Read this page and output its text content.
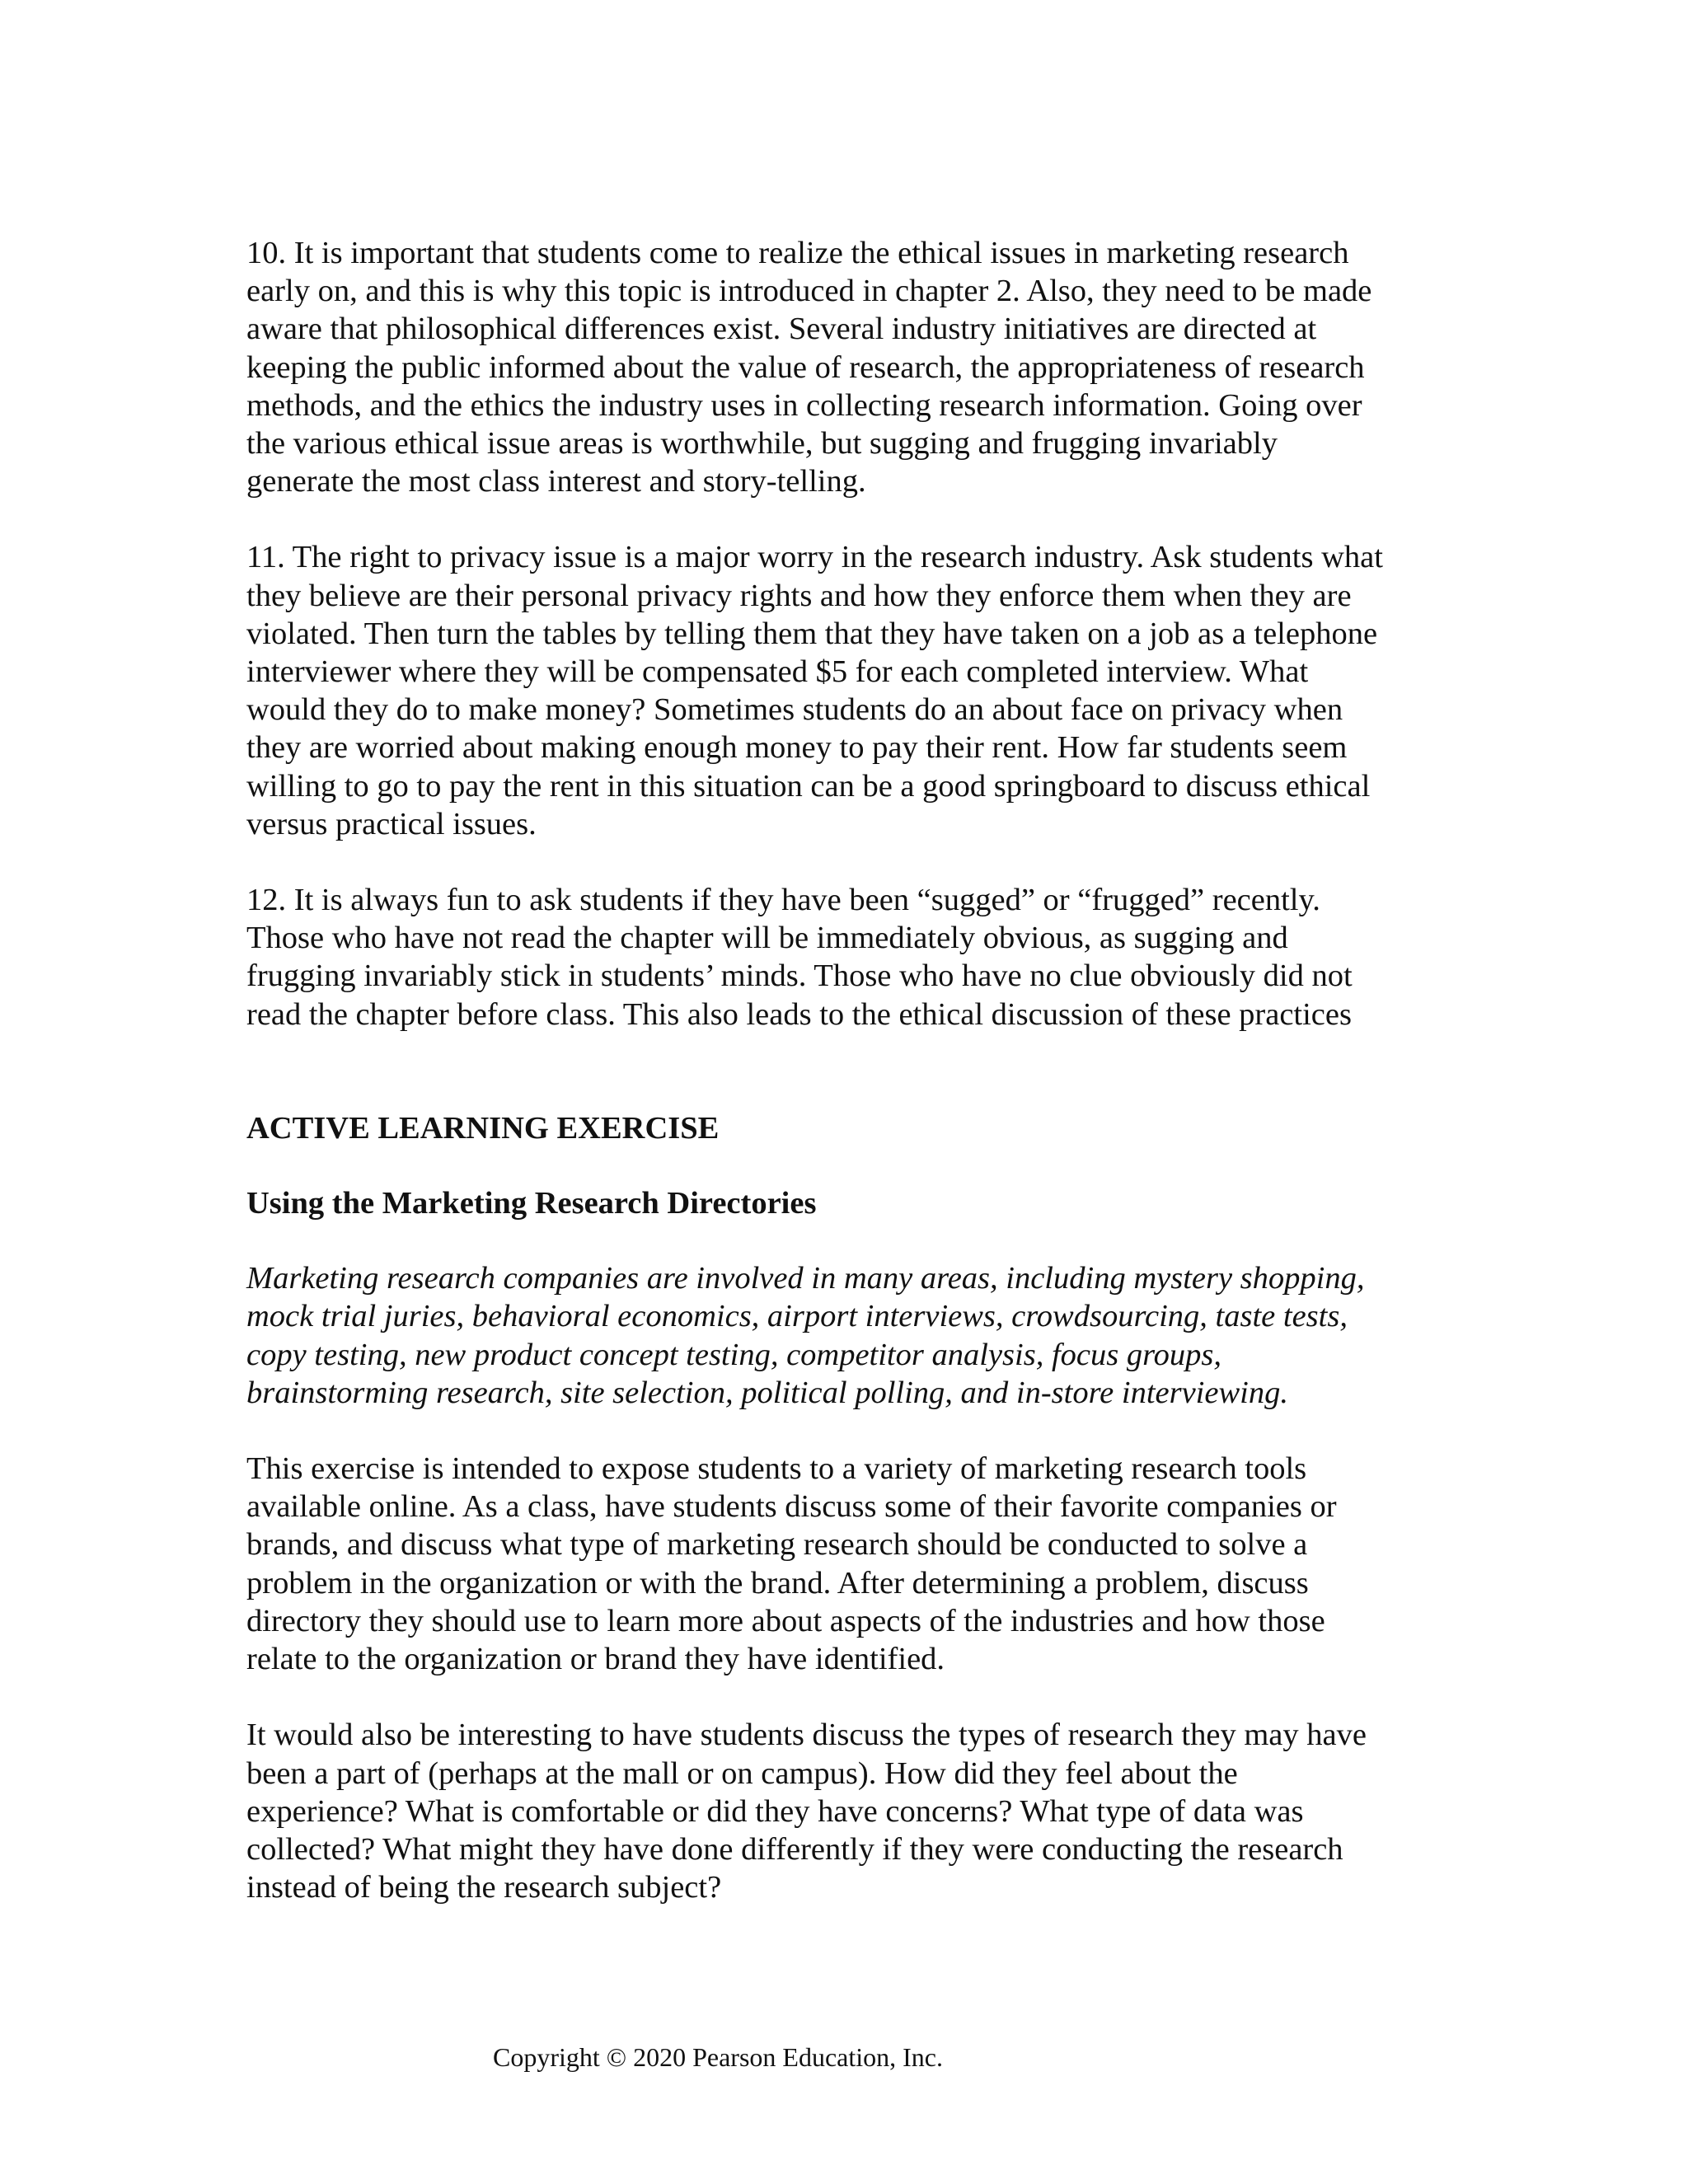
10. It is important that students come to realize the ethical issues in marketing research
early on, and this is why this topic is introduced in chapter 2. Also, they need to be made
aware that philosophical differences exist. Several industry initiatives are directed at
keeping the public informed about the value of research, the appropriateness of research
methods, and the ethics the industry uses in collecting research information. Going over
the various ethical issue areas is worthwhile, but sugging and frugging invariably
generate the most class interest and story-telling.

11. The right to privacy issue is a major worry in the research industry. Ask students what
they believe are their personal privacy rights and how they enforce them when they are
violated. Then turn the tables by telling them that they have taken on a job as a telephone
interviewer where they will be compensated $5 for each completed interview. What
would they do to make money? Sometimes students do an about face on privacy when
they are worried about making enough money to pay their rent. How far students seem
willing to go to pay the rent in this situation can be a good springboard to discuss ethical
versus practical issues.

12. It is always fun to ask students if they have been “sugged” or “frugged” recently.
Those who have not read the chapter will be immediately obvious, as sugging and
frugging invariably stick in students’ minds. Those who have no clue obviously did not
read the chapter before class. This also leads to the ethical discussion of these practices

ACTIVE LEARNING EXERCISE
Using the Marketing Research Directories

Marketing research companies are involved in many areas, including mystery shopping,
mock trial juries, behavioral economics, airport interviews, crowdsourcing, taste tests,
copy testing, new product concept testing, competitor analysis, focus groups,
brainstorming research, site selection, political polling, and in-store interviewing.

This exercise is intended to expose students to a variety of marketing research tools
available online. As a class, have students discuss some of their favorite companies or
brands, and discuss what type of marketing research should be conducted to solve a
problem in the organization or with the brand. After determining a problem, discuss
directory they should use to learn more about aspects of the industries and how those
relate to the organization or brand they have identified.

It would also be interesting to have students discuss the types of research they may have
been a part of (perhaps at the mall or on campus). How did they feel about the
experience? What is comfortable or did they have concerns? What type of data was
collected? What might they have done differently if they were conducting the research
instead of being the research subject?

Copyright © 2020 Pearson Education, Inc.
